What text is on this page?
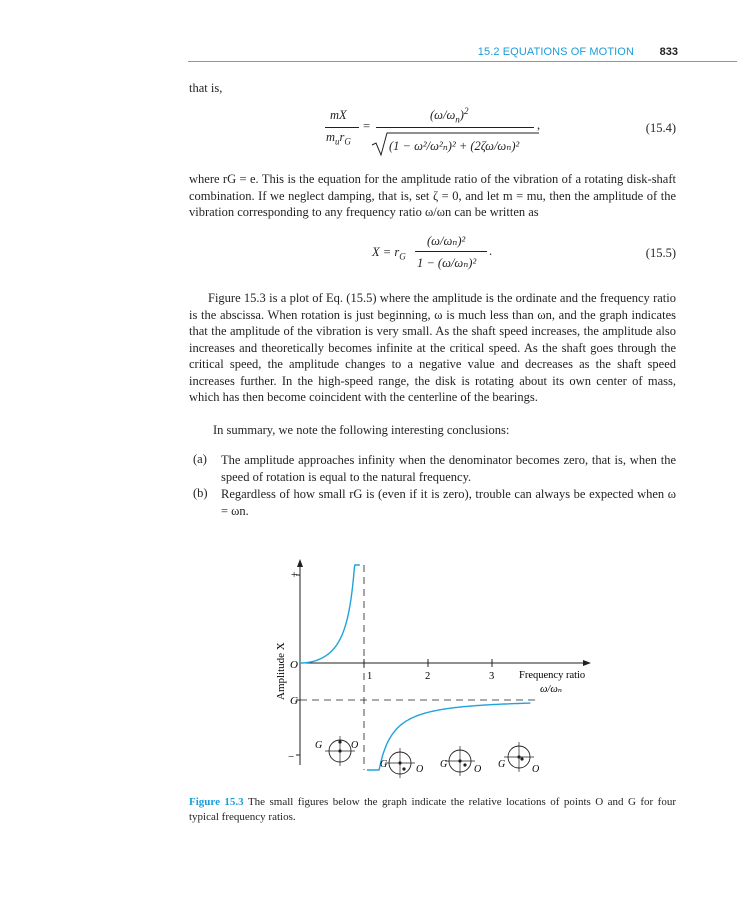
15.2 EQUATIONS OF MOTION 833
that is,
mX
$m_ur_G$
=
$(\omega/\omega_n)^2$
(1 − ω²/ω²ₙ)² + (2ζω/ωₙ)²
,	(15.4)
where rG = e. This is the equation for the amplitude ratio of the vibration of a rotating disk-shaft combination. If we neglect damping, that is, set ζ = 0, and let m = mu, then the amplitude of the vibration corresponding to any frequency ratio ω/ωn can be written as
$X = r_G$
(ω/ωₙ)²
1 − (ω/ωₙ)²
.	(15.5)
Figure 15.3 is a plot of Eq. (15.5) where the amplitude is the ordinate and the frequency ratio is the abscissa. When rotation is just beginning, ω is much less than ωn, and the graph indicates that the amplitude of the vibration is very small. As the shaft speed increases, the amplitude also increases and theoretically becomes infinite at the critical speed. As the shaft goes through the critical speed, the amplitude changes to a negative value and decreases as the shaft speed increases further. In the high-speed range, the disk is rotating about its own center of mass, which has then become coincident with the centerline of the bearings.
In summary, we note the following interesting conclusions:
(a) The amplitude approaches infinity when the denominator becomes zero, that is, when the speed of rotation is equal to the natural frequency.
(b) Regardless of how small rG is (even if it is zero), trouble can always be expected when ω = ωn.
+
−
O
G
Amplitude X	1	2	3 Frequency ratio
ω/ωₙ
G	O
G	O G	O G	O
Figure 15.3 The small figures below the graph indicate the relative locations of points O and G for four typical frequency ratios.
